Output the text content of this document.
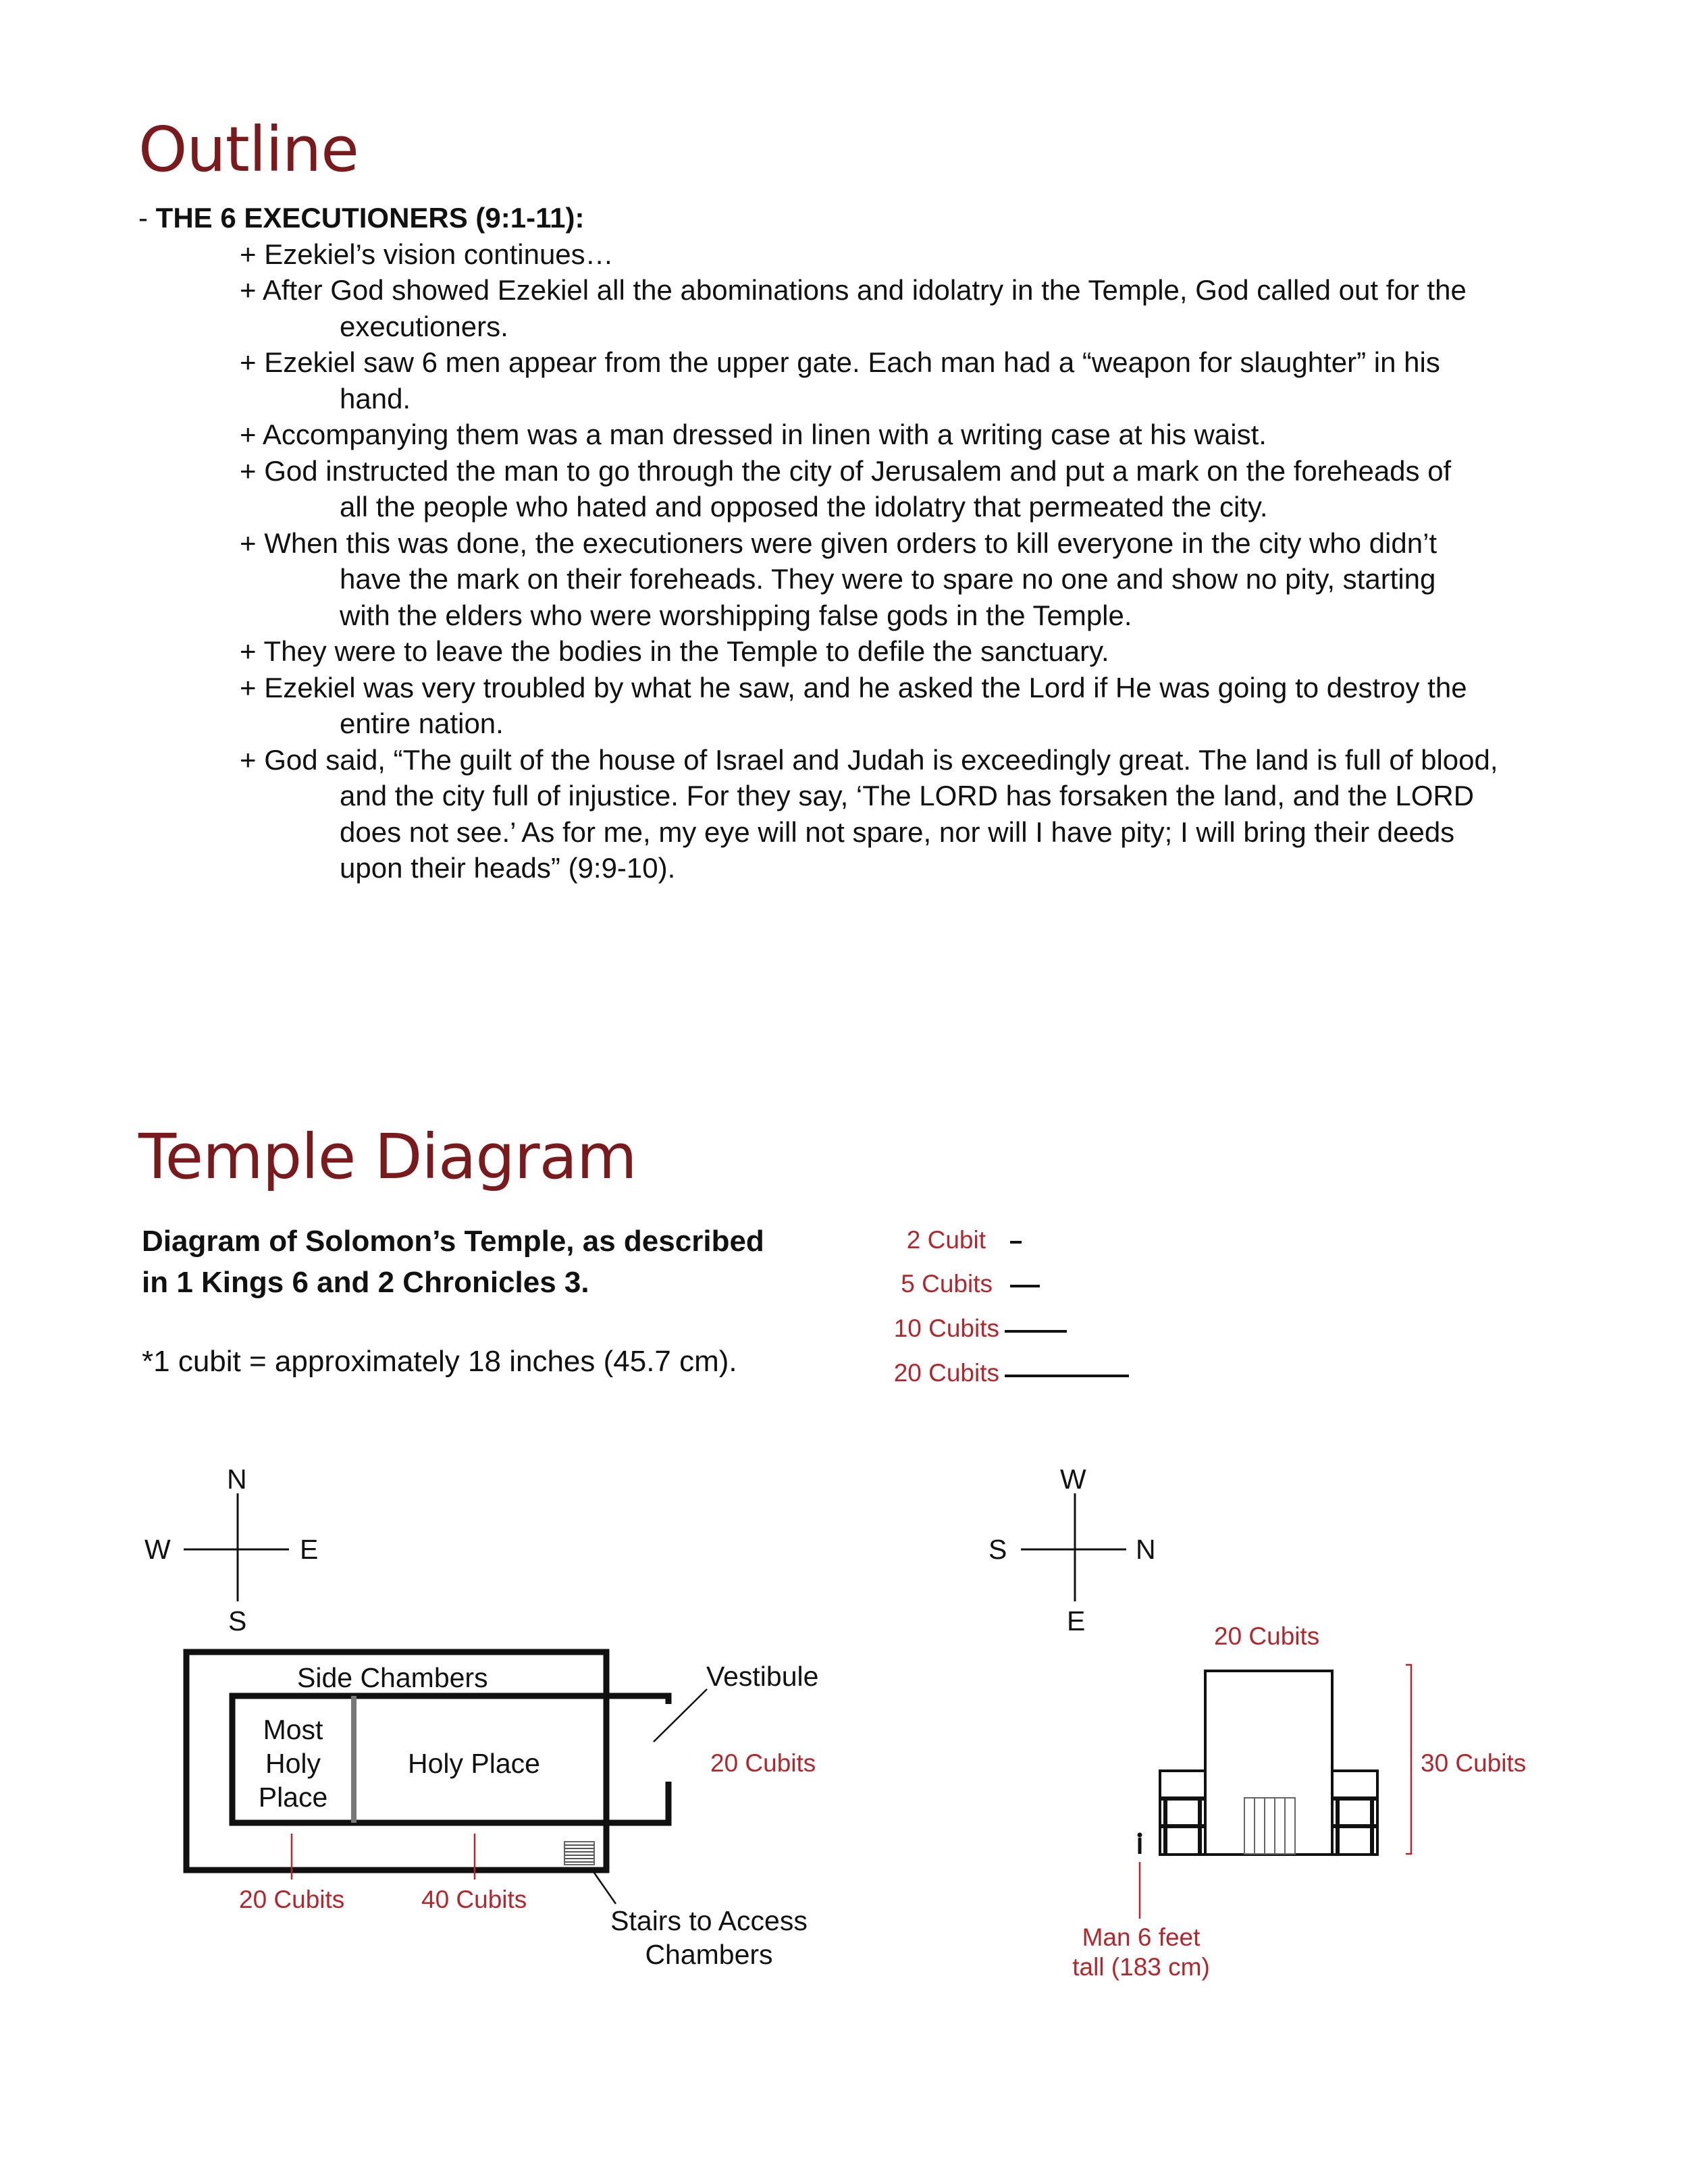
Outline
- THE 6 EXECUTIONERS (9:1-11):
+ Ezekiel’s vision continues…
+ After God showed Ezekiel all the abominations and idolatry in the Temple, God called out for the
executioners.
+ Ezekiel saw 6 men appear from the upper gate. Each man had a “weapon for slaughter” in his
hand.
+ Accompanying them was a man dressed in linen with a writing case at his waist.
+ God instructed the man to go through the city of Jerusalem and put a mark on the foreheads of
all the people who hated and opposed the idolatry that permeated the city.
+ When this was done, the executioners were given orders to kill everyone in the city who didn’t
have the mark on their foreheads. They were to spare no one and show no pity, starting
with the elders who were worshipping false gods in the Temple.
+ They were to leave the bodies in the Temple to defile the sanctuary.
+ Ezekiel was very troubled by what he saw, and he asked the Lord if He was going to destroy the
entire nation.
+ God said, “The guilt of the house of Israel and Judah is exceedingly great. The land is full of blood,
and the city full of injustice. For they say, ‘The LORD has forsaken the land, and the LORD
does not see.’ As for me, my eye will not spare, nor will I have pity; I will bring their deeds
upon their heads” (9:9-10).
Temple Diagram
Diagram of Solomon’s Temple, as described
in 1 Kings 6 and 2 Chronicles 3.
*1 cubit = approximately 18 inches (45.7 cm).
2 Cubit
5 Cubits
10 Cubits
20 Cubits
N
S
W	E
W
E
S	N
Side Chambers
Most
Holy
Place
Holy Place
Vestibule
20 Cubits
20 Cubits	40 Cubits
Stairs to Access
Chambers
20 Cubits
30 Cubits
Man 6 feet
tall (183 cm)
